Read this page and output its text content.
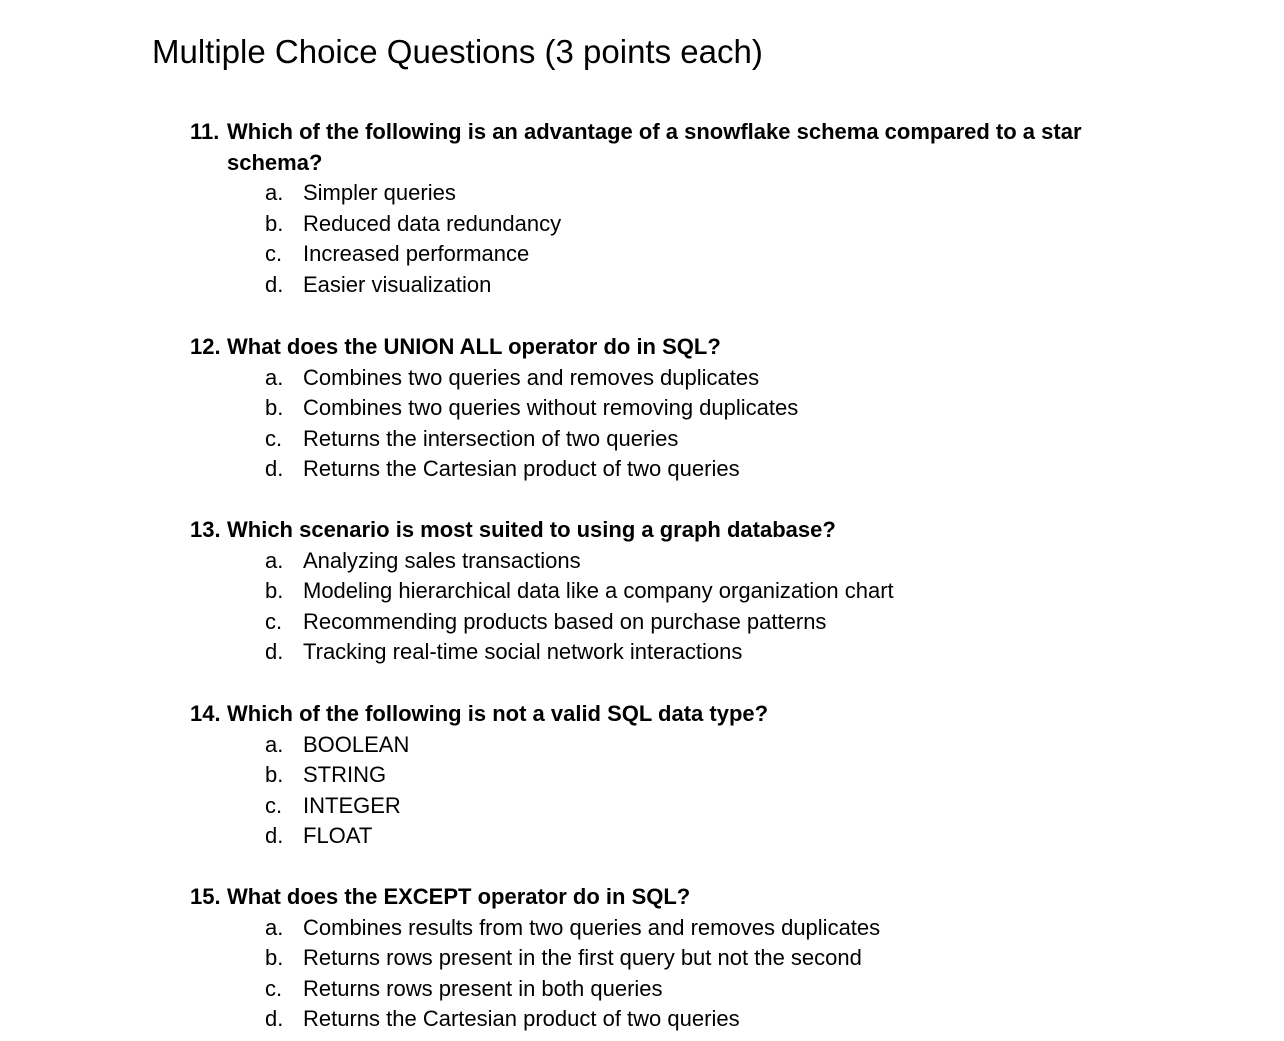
Multiple Choice Questions (3 points each)
11. Which of the following is an advantage of a snowflake schema compared to a star schema?
a. Simpler queries
b. Reduced data redundancy
c. Increased performance
d. Easier visualization
12. What does the UNION ALL operator do in SQL?
a. Combines two queries and removes duplicates
b. Combines two queries without removing duplicates
c. Returns the intersection of two queries
d. Returns the Cartesian product of two queries
13. Which scenario is most suited to using a graph database?
a. Analyzing sales transactions
b. Modeling hierarchical data like a company organization chart
c. Recommending products based on purchase patterns
d. Tracking real-time social network interactions
14. Which of the following is not a valid SQL data type?
a. BOOLEAN
b. STRING
c. INTEGER
d. FLOAT
15. What does the EXCEPT operator do in SQL?
a. Combines results from two queries and removes duplicates
b. Returns rows present in the first query but not the second
c. Returns rows present in both queries
d. Returns the Cartesian product of two queries
